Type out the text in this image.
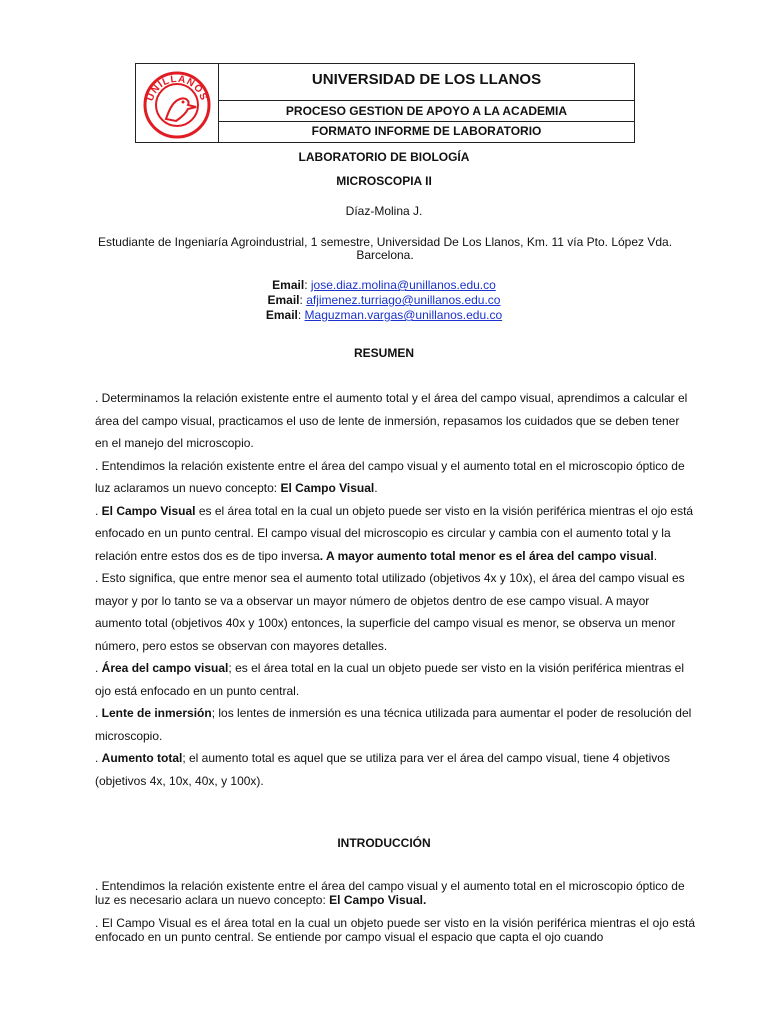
UNILLANOS
UNIVERSIDAD DE LOS LLANOS
PROCESO GESTION DE APOYO A LA ACADEMIA
FORMATO INFORME DE LABORATORIO
LABORATORIO DE BIOLOGÍA
MICROSCOPIA II
Díaz-Molina J.
Estudiante de Ingeniaría Agroindustrial, 1 semestre, Universidad De Los Llanos, Km. 11 vía Pto. López Vda. Barcelona.
Email: jose.diaz.molina@unillanos.edu.co
Email: afjimenez.turriago@unillanos.edu.co
Email: Maguzman.vargas@unillanos.edu.co
RESUMEN

. Determinamos la relación existente entre el aumento total y el área del campo visual, aprendimos a calcular el área del campo visual, practicamos el uso de lente de inmersión, repasamos los cuidados que se deben tener en el manejo del microscopio.

. Entendimos la relación existente entre el área del campo visual y el aumento total en el microscopio óptico de luz aclaramos un nuevo concepto: El Campo Visual.

. El Campo Visual es el área total en la cual un objeto puede ser visto en la visión periférica mientras el ojo está enfocado en un punto central. El campo visual del microscopio es circular y cambia con el aumento total y la relación entre estos dos es de tipo inversa. A mayor aumento total menor es el área del campo visual.

. Esto significa, que entre menor sea el aumento total utilizado (objetivos 4x y 10x), el área del campo visual es mayor y por lo tanto se va a observar un mayor número de objetos dentro de ese campo visual. A mayor aumento total (objetivos 40x y 100x) entonces, la superficie del campo visual es menor, se observa un menor número, pero estos se observan con mayores detalles.

. Área del campo visual; es el área total en la cual un objeto puede ser visto en la visión periférica mientras el ojo está enfocado en un punto central.

. Lente de inmersión; los lentes de inmersión es una técnica utilizada para aumentar el poder de resolución del microscopio.

. Aumento total; el aumento total es aquel que se utiliza para ver el área del campo visual, tiene 4 objetivos (objetivos 4x, 10x, 40x, y 100x).

INTRODUCCIÓN

. Entendimos la relación existente entre el área del campo visual y el aumento total en el microscopio óptico de luz es necesario aclara un nuevo concepto: El Campo Visual.

. El Campo Visual es el área total en la cual un objeto puede ser visto en la visión periférica mientras el ojo está enfocado en un punto central. Se entiende por campo visual el espacio que capta el ojo cuando
